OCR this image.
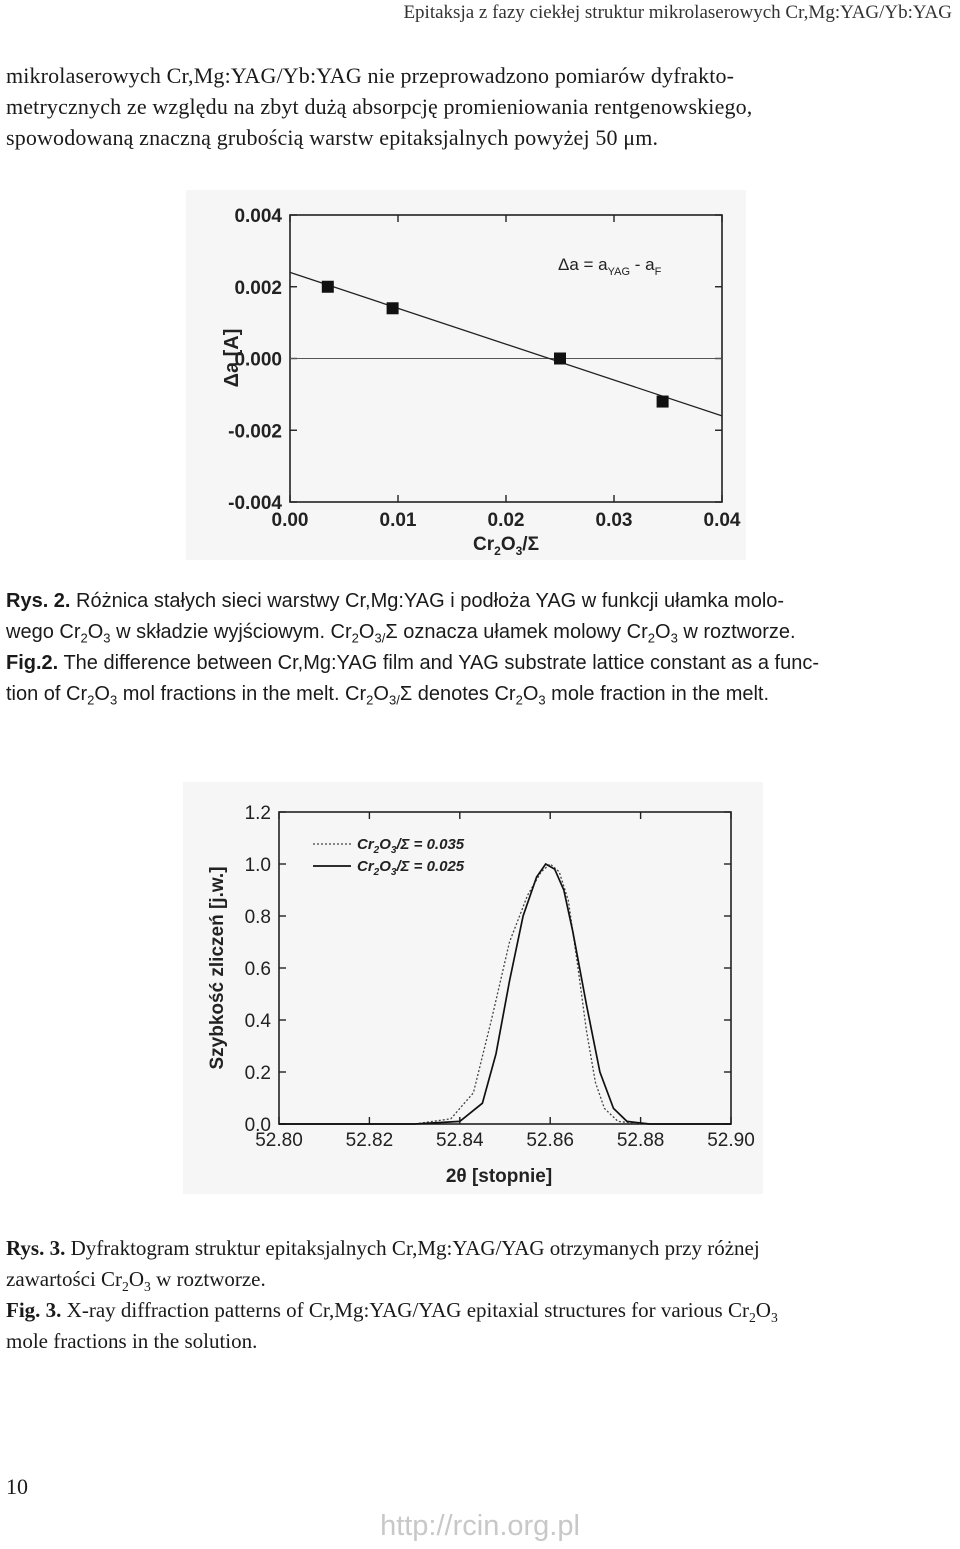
Epitaksja z fazy ciekłej struktur mikrolaserowych Cr,Mg:YAG/Yb:YAG
mikrolaserowych Cr,Mg:YAG/Yb:YAG nie przeprowadzono pomiarów dyfrakto-
metrycznych ze względu na zbyt dużą absorpcję promieniowania rentgenowskiego,
spowodowaną znaczną grubością warstw epitaksjalnych powyżej 50 μm.
0.004
0.002
0.000
-0.002
-0.004
0.00	0.01	0.02	0.03	0.04
$\Delta a = a_{YAG} - a_F$
Δa [A]
$Cr_2O_3/\Sigma$
Rys. 2. Różnica stałych sieci warstwy Cr,Mg:YAG i podłoża YAG w funkcji ułamka molo-
wego $Cr_2O_3$ w składzie wyjściowym. $Cr_2O_{3/}\Sigma$ oznacza ułamek molowy $Cr_2O_3$ w roztworze.
Fig.2. The difference between Cr,Mg:YAG film and YAG substrate lattice constant as a func-
tion of $Cr_2O_3$ mol fractions in the melt. $Cr_2O_{3/}\Sigma$ denotes $Cr_2O_3$ mole fraction in the melt.
0.0
0.2
0.4
0.6
0.8
1.0
1.2
52.80 52.82 52.84 52.86 52.88 52.90
$Cr_2O_3/\Sigma = 0.035$
$Cr_2O_3/\Sigma = 0.025$
Szybkość zliczeń [j.w.]
2θ [stopnie]
Rys. 3. Dyfraktogram struktur epitaksjalnych Cr,Mg:YAG/YAG otrzymanych przy różnej
zawartości $Cr_2O_3$ w roztworze.
Fig. 3. X-ray diffraction patterns of Cr,Mg:YAG/YAG epitaxial structures for various $Cr_2O_3$
mole fractions in the solution.
10
http://rcin.org.pl
